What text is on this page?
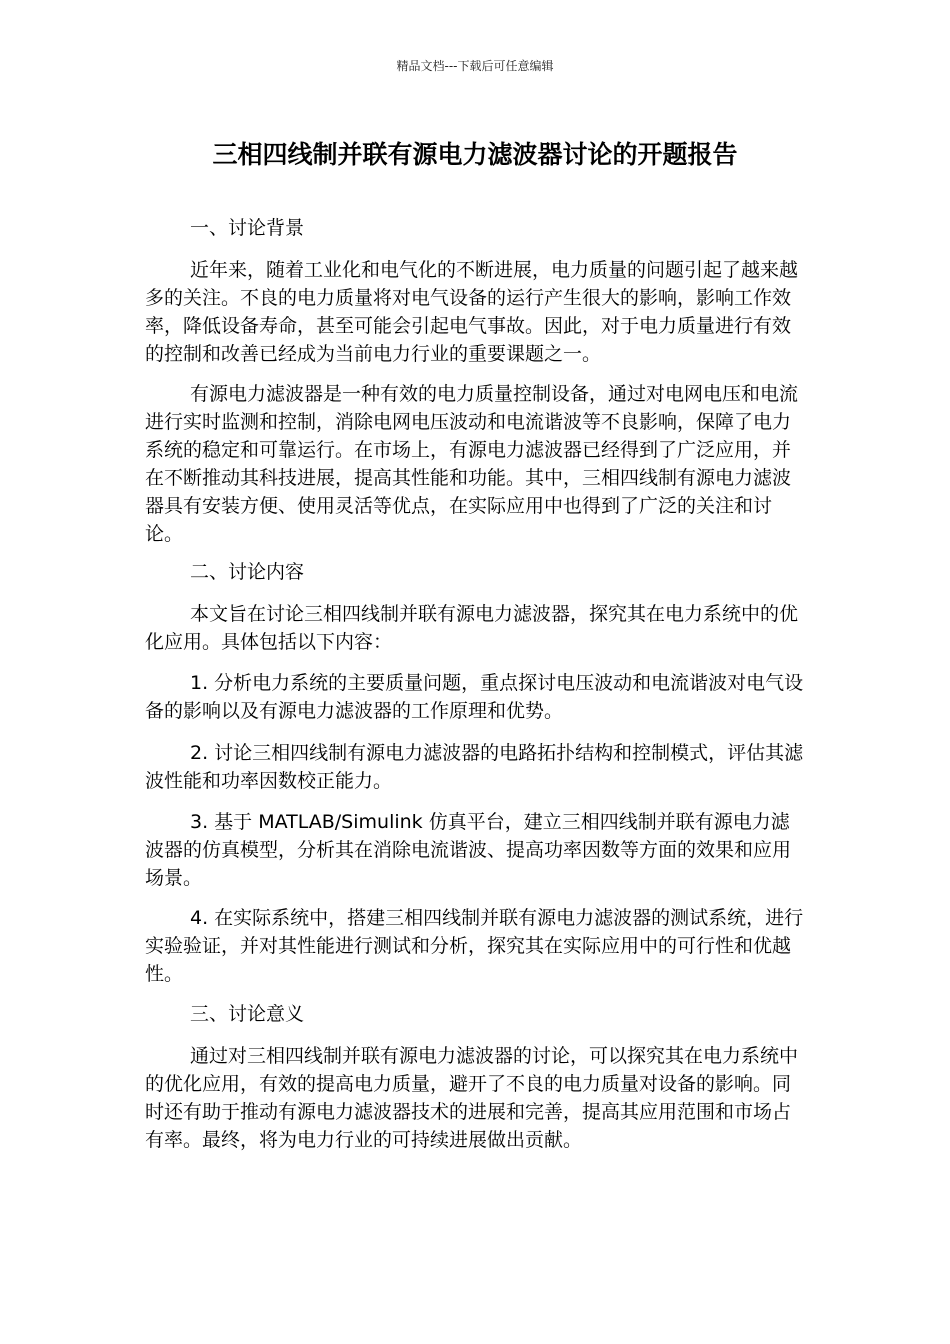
精品文档---下载后可任意编辑
三相四线制并联有源电力滤波器讨论的开题报告

一、讨论背景

近年来，随着工业化和电气化的不断进展，电力质量的问题引起了越来越多的关注。不良的电力质量将对电气设备的运行产生很大的影响，影响工作效率，降低设备寿命，甚至可能会引起电气事故。因此，对于电力质量进行有效的控制和改善已经成为当前电力行业的重要课题之一。

有源电力滤波器是一种有效的电力质量控制设备，通过对电网电压和电流进行实时监测和控制，消除电网电压波动和电流谐波等不良影响，保障了电力系统的稳定和可靠运行。在市场上，有源电力滤波器已经得到了广泛应用，并在不断推动其科技进展，提高其性能和功能。其中，三相四线制有源电力滤波器具有安装方便、使用灵活等优点，在实际应用中也得到了广泛的关注和讨论。

二、讨论内容

本文旨在讨论三相四线制并联有源电力滤波器，探究其在电力系统中的优化应用。具体包括以下内容：

1. 分析电力系统的主要质量问题，重点探讨电压波动和电流谐波对电气设备的影响以及有源电力滤波器的工作原理和优势。

2. 讨论三相四线制有源电力滤波器的电路拓扑结构和控制模式，评估其滤波性能和功率因数校正能力。

3. 基于 MATLAB/Simulink 仿真平台，建立三相四线制并联有源电力滤波器的仿真模型，分析其在消除电流谐波、提高功率因数等方面的效果和应用场景。

4. 在实际系统中，搭建三相四线制并联有源电力滤波器的测试系统，进行实验验证，并对其性能进行测试和分析，探究其在实际应用中的可行性和优越性。

三、讨论意义

通过对三相四线制并联有源电力滤波器的讨论，可以探究其在电力系统中的优化应用，有效的提高电力质量，避开了不良的电力质量对设备的影响。同时还有助于推动有源电力滤波器技术的进展和完善，提高其应用范围和市场占有率。最终，将为电力行业的可持续进展做出贡献。
